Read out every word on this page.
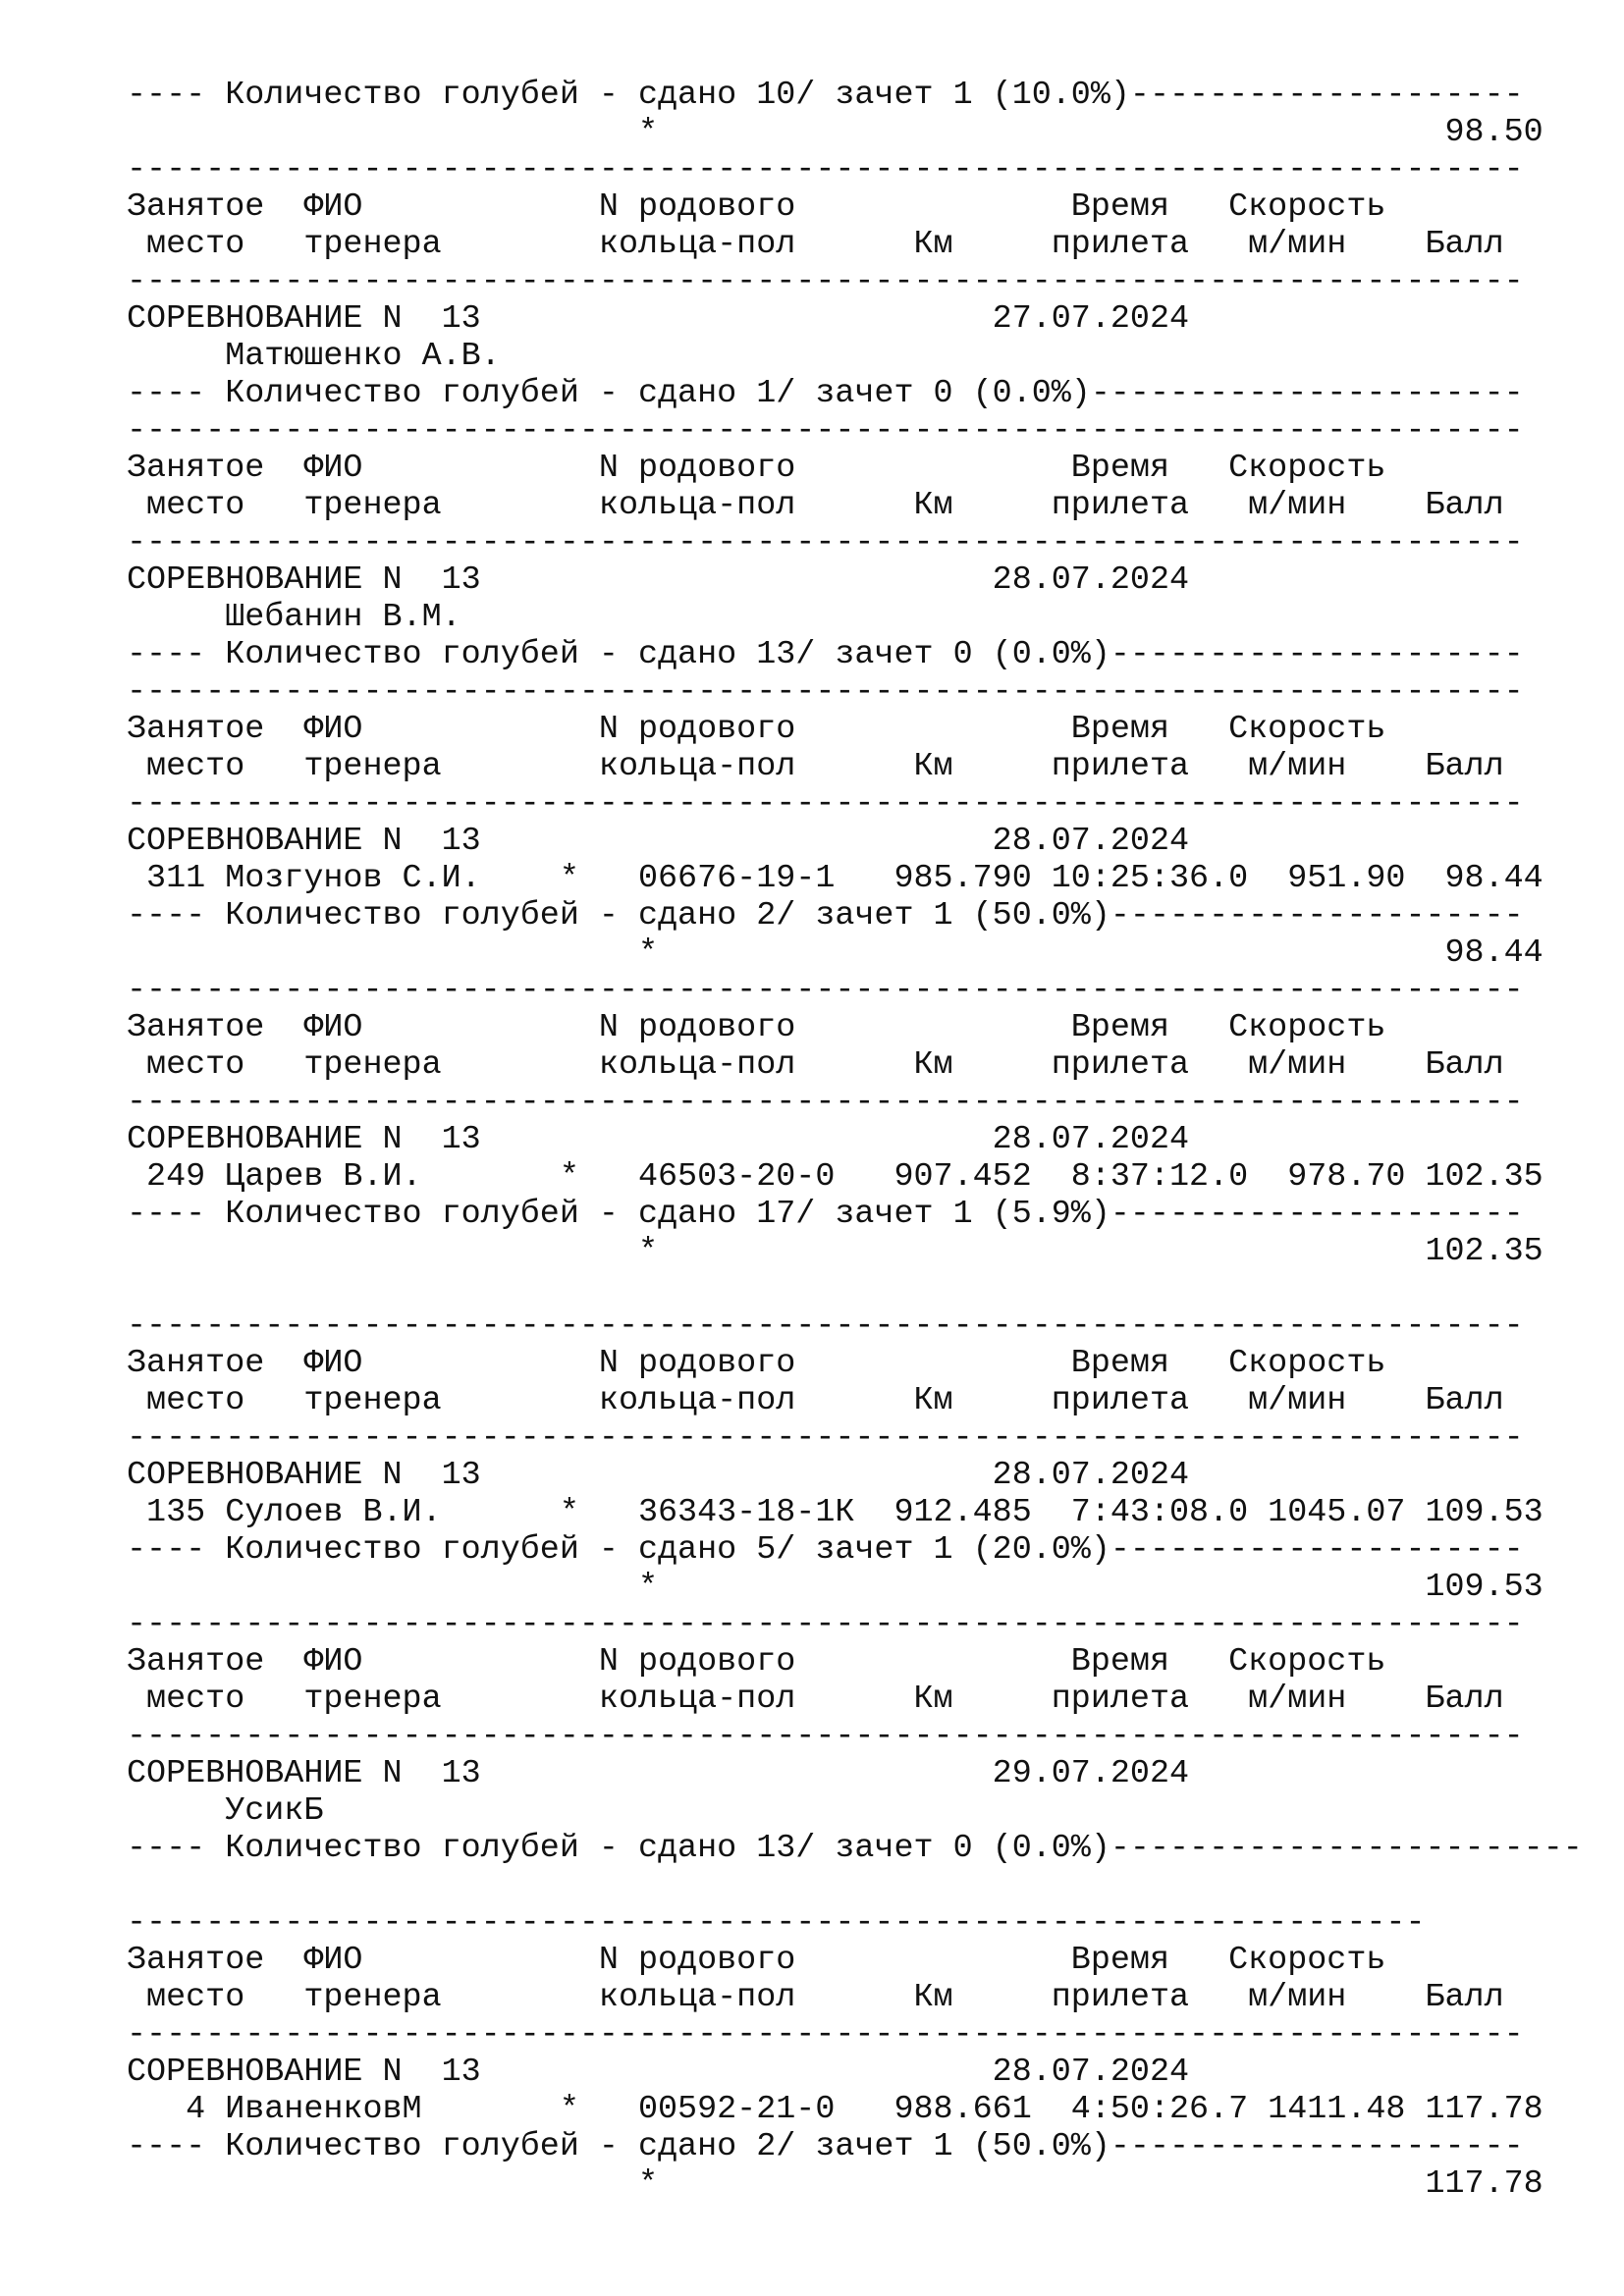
---- Количество голубей - сдано 10/ зачет 1 (10.0%)--------------------
*                                        98.50
-----------------------------------------------------------------------
Занятое  ФИО            N родового              Время   Скорость
место   тренера        кольца-пол      Км     прилета   м/мин    Балл
-----------------------------------------------------------------------
СОРЕВНОВАНИЕ N  13                          27.07.2024
Матюшенко А.В.
---- Количество голубей - сдано 1/ зачет 0 (0.0%)----------------------
-----------------------------------------------------------------------
Занятое  ФИО            N родового              Время   Скорость
место   тренера        кольца-пол      Км     прилета   м/мин    Балл
-----------------------------------------------------------------------
СОРЕВНОВАНИЕ N  13                          28.07.2024
Шебанин В.М.
---- Количество голубей - сдано 13/ зачет 0 (0.0%)---------------------
-----------------------------------------------------------------------
Занятое  ФИО            N родового              Время   Скорость
место   тренера        кольца-пол      Км     прилета   м/мин    Балл
-----------------------------------------------------------------------
СОРЕВНОВАНИЕ N  13                          28.07.2024
311 Мозгунов С.И.    *   06676-19-1   985.790 10:25:36.0  951.90  98.44
---- Количество голубей - сдано 2/ зачет 1 (50.0%)---------------------
*                                        98.44
-----------------------------------------------------------------------
Занятое  ФИО            N родового              Время   Скорость
место   тренера        кольца-пол      Км     прилета   м/мин    Балл
-----------------------------------------------------------------------
СОРЕВНОВАНИЕ N  13                          28.07.2024
249 Царев В.И.       *   46503-20-0   907.452  8:37:12.0  978.70 102.35
---- Количество голубей - сдано 17/ зачет 1 (5.9%)---------------------
*                                       102.35
-----------------------------------------------------------------------
Занятое  ФИО            N родового              Время   Скорость
место   тренера        кольца-пол      Км     прилета   м/мин    Балл
-----------------------------------------------------------------------
СОРЕВНОВАНИЕ N  13                          28.07.2024
135 Сулоев В.И.      *   36343-18-1К  912.485  7:43:08.0 1045.07 109.53
---- Количество голубей - сдано 5/ зачет 1 (20.0%)---------------------
*                                       109.53
-----------------------------------------------------------------------
Занятое  ФИО            N родового              Время   Скорость
место   тренера        кольца-пол      Км     прилета   м/мин    Балл
-----------------------------------------------------------------------
СОРЕВНОВАНИЕ N  13                          29.07.2024
УсикБ
---- Количество голубей - сдано 13/ зачет 0 (0.0%)------------------------
------------------------------------------------------------------
Занятое  ФИО            N родового              Время   Скорость
место   тренера        кольца-пол      Км     прилета   м/мин    Балл
-----------------------------------------------------------------------
СОРЕВНОВАНИЕ N  13                          28.07.2024
4 ИваненковМ       *   00592-21-0   988.661  4:50:26.7 1411.48 117.78
---- Количество голубей - сдано 2/ зачет 1 (50.0%)---------------------
*                                       117.78
